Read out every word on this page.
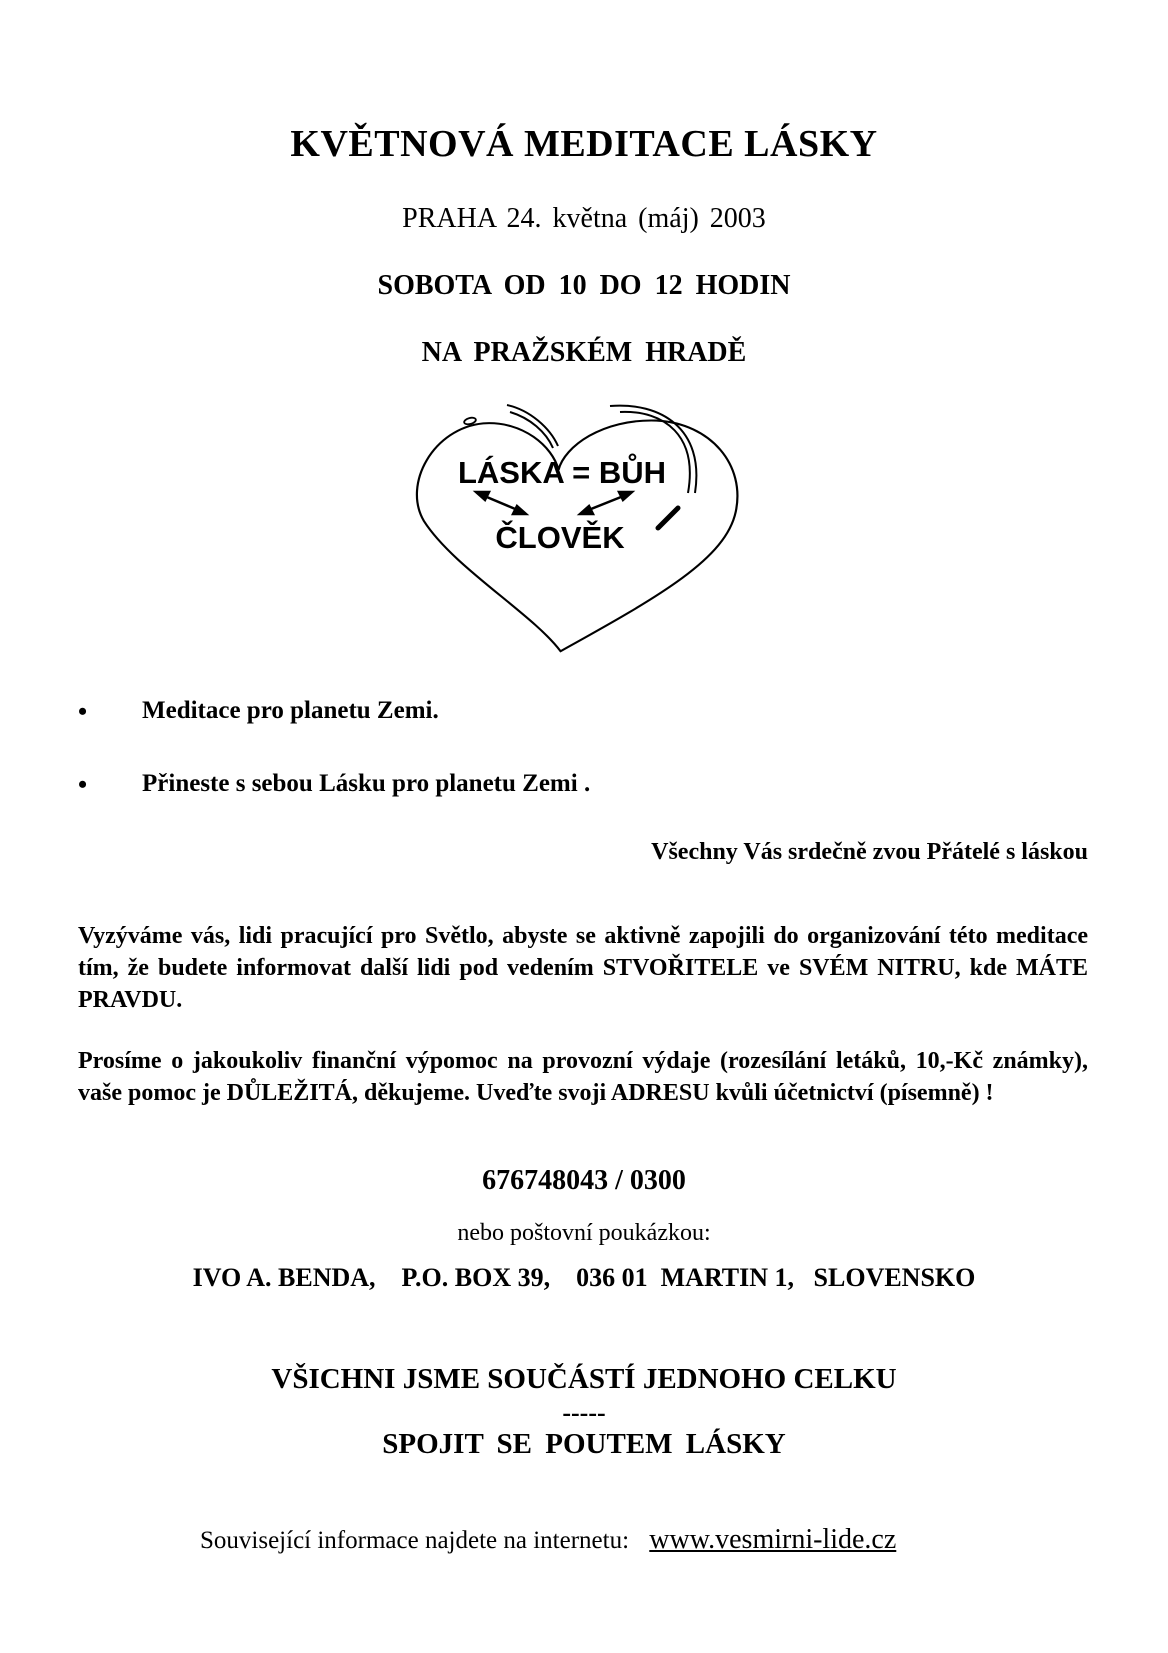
KVĚTNOVÁ MEDITACE LÁSKY
PRAHA 24. května (máj) 2003
SOBOTA OD 10 DO 12 HODIN
NA PRAŽSKÉM HRADĚ
LÁSKA = BŮH
ČLOVĚK
• Meditace pro planetu Zemi.
• Přineste s sebou Lásku pro planetu Zemi .
Všechny Vás srdečně zvou Přátelé s láskou
Vyzýváme vás, lidi pracující pro Světlo, abyste se aktivně zapojili do organizování této meditace tím, že budete informovat další lidi pod vedením STVOŘITELE ve SVÉM NITRU, kde MÁTE PRAVDU.
Prosíme o jakoukoliv finanční výpomoc na provozní výdaje (rozesílání letáků, 10,-Kč známky), vaše pomoc je DŮLEŽITÁ, děkujeme. Uveďte svoji ADRESU kvůli účetnictví (písemně) !
676748043 / 0300
nebo poštovní poukázkou:
IVO A. BENDA,    P.O. BOX 39,    036 01  MARTIN 1,   SLOVENSKO
VŠICHNI JSME SOUČÁSTÍ JEDNOHO CELKU
-----
SPOJIT SE POUTEM LÁSKY
Související informace najdete na internetu: www.vesmirni-lide.cz
